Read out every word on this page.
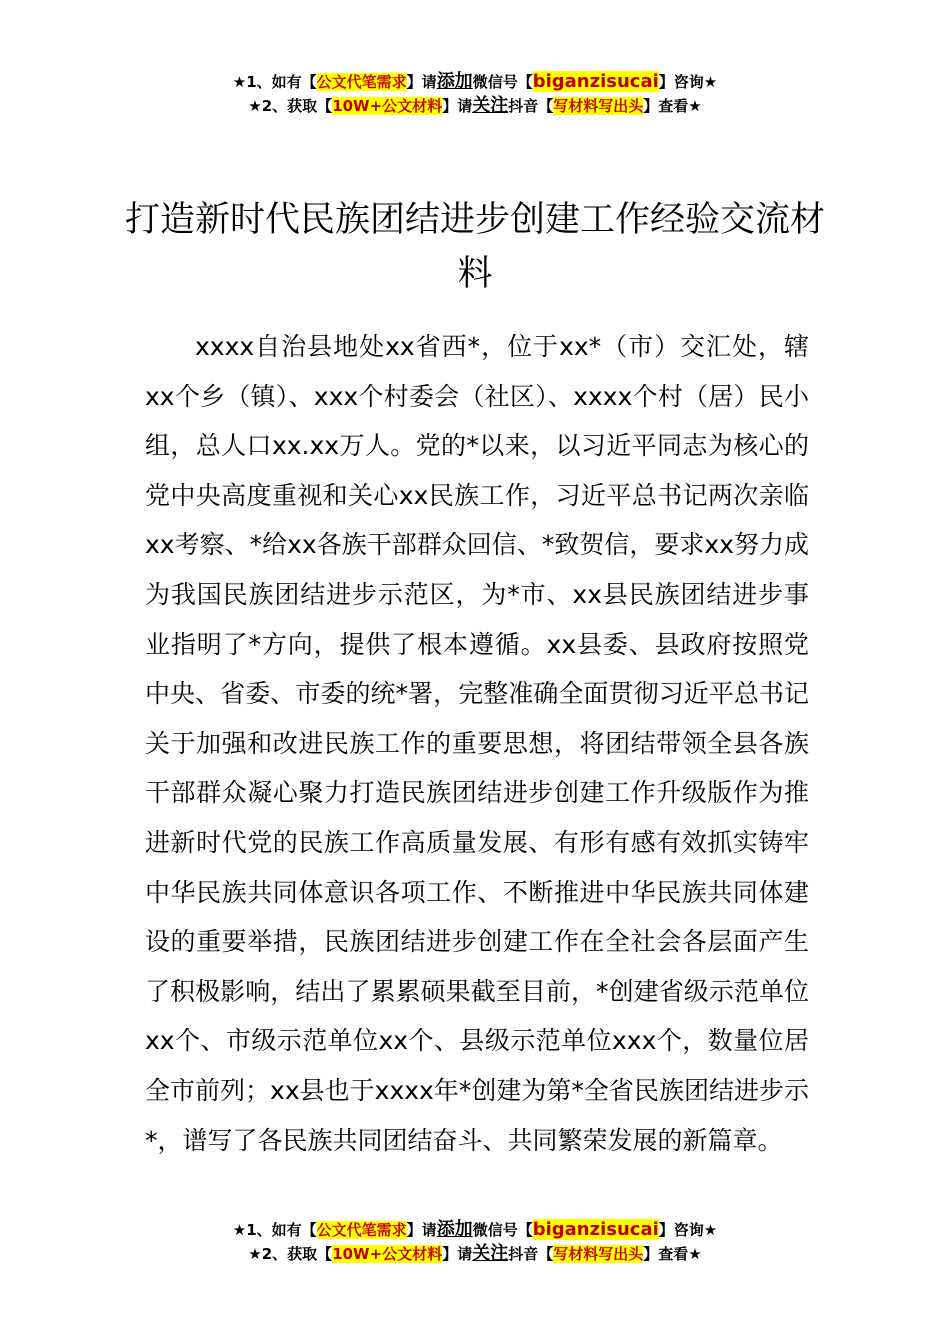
★1、如有【公文代笔需求】请添加微信号【biganzisucai】咨询★
★2、获取【10W+公文材料】请关注抖音【写材料写出头】查看★
打造新时代民族团结进步创建工作经验交流材料

xxxx自治县地处xx省西*，位于xx*（市）交汇处，辖xx个乡（镇）、xxx个村委会（社区）、xxxx个村（居）民小组，总人口xx.xx万人。党的*以来，以习近平同志为核心的党中央高度重视和关心xx民族工作，习近平总书记两次亲临xx考察、*给xx各族干部群众回信、*致贺信，要求xx努力成为我国民族团结进步示范区，为*市、xx县民族团结进步事业指明了*方向，提供了根本遵循。xx县委、县政府按照党中央、省委、市委的统*署，完整准确全面贯彻习近平总书记关于加强和改进民族工作的重要思想，将团结带领全县各族干部群众凝心聚力打造民族团结进步创建工作升级版作为推进新时代党的民族工作高质量发展、有形有感有效抓实铸牢中华民族共同体意识各项工作、不断推进中华民族共同体建设的重要举措，民族团结进步创建工作在全社会各层面产生了积极影响，结出了累累硕果截至目前，*创建省级示范单位xx个、市级示范单位xx个、县级示范单位xxx个，数量位居全市前列；xx县也于xxxx年*创建为第*全省民族团结进步示*，谱写了各民族共同团结奋斗、共同繁荣发展的新篇章。

★1、如有【公文代笔需求】请添加微信号【biganzisucai】咨询★
★2、获取【10W+公文材料】请关注抖音【写材料写出头】查看★
